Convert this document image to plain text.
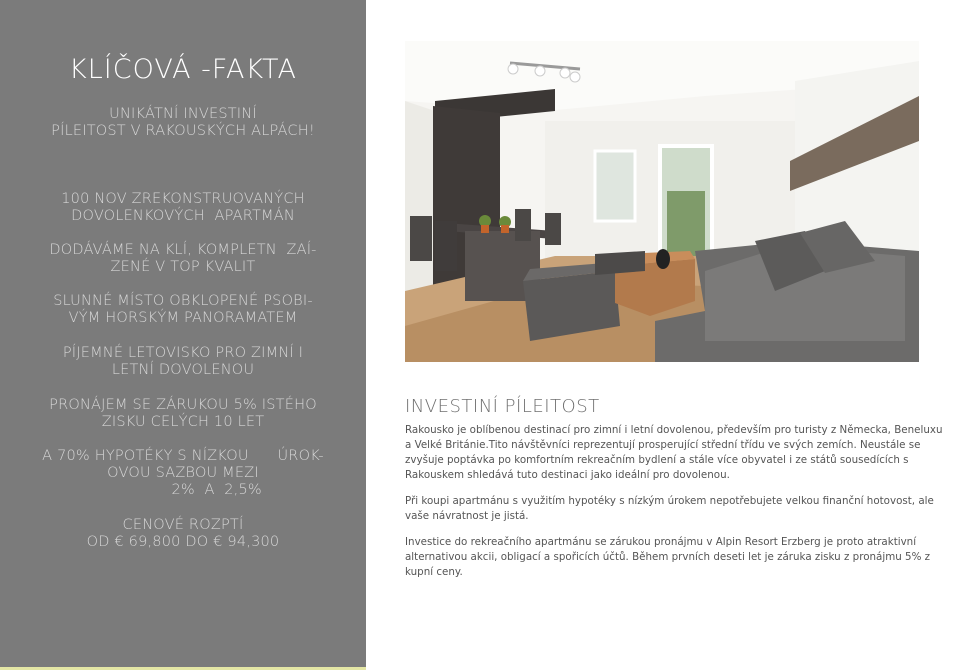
KLÍČOVÁ -FAKTA

UNIKÁTNÍ INVESTINÍ
PÍLEITOST V RAKOUSKÝCH ALPÁCH!

100 NOV ZREKONSTRUOVANÝCH
DOVOLENKOVÝCH  APARTMÁN

DODÁVÁME NA KLÍ, KOMPLETN  ZAÍ-
ZENÉ V TOP KVALIT

SLUNNÉ MÍSTO OBKLOPENÉ PSOBI-
VÝM HORSKÝM PANORAMATEM

PÍJEMNÉ LETOVISKO PRO ZIMNÍ I
LETNÍ DOVOLENOU

PRONÁJEM SE ZÁRUKOU 5% ISTÉHO
ZISKU CELÝCH 10 LET

A 70% HYPOTÉKY S NÍZKOU      ÚROK-
OVOU SAZBOU MEZI
2%  A  2,5%

CENOVÉ ROZPTÍ
OD € 69,800 DO € 94,300

INVESTINÍ PÍLEITOST

Rakousko je oblíbenou destinací pro zimní i letní dovolenou, především pro turisty z Německa, Beneluxu
a Velké Británie.Tito návštěvníci reprezentují prosperující střední třídu ve svých zemích. Neustále se
zvyšuje poptávka po komfortním rekreačním bydlení a stále více obyvatel i ze států sousedících s
Rakouskem shledává tuto destinaci jako ideální pro dovolenou.

Při koupi apartmánu s využitím hypotéky s nízkým úrokem nepotřebujete velkou finanční hotovost, ale
vaše návratnost je jistá.

Investice do rekreačního apartmánu se zárukou pronájmu v Alpin Resort Erzberg je proto atraktivní
alternativou akcii, obligací a spořicích účtů. Během prvních deseti let je záruka zisku z pronájmu 5% z
kupní ceny.
